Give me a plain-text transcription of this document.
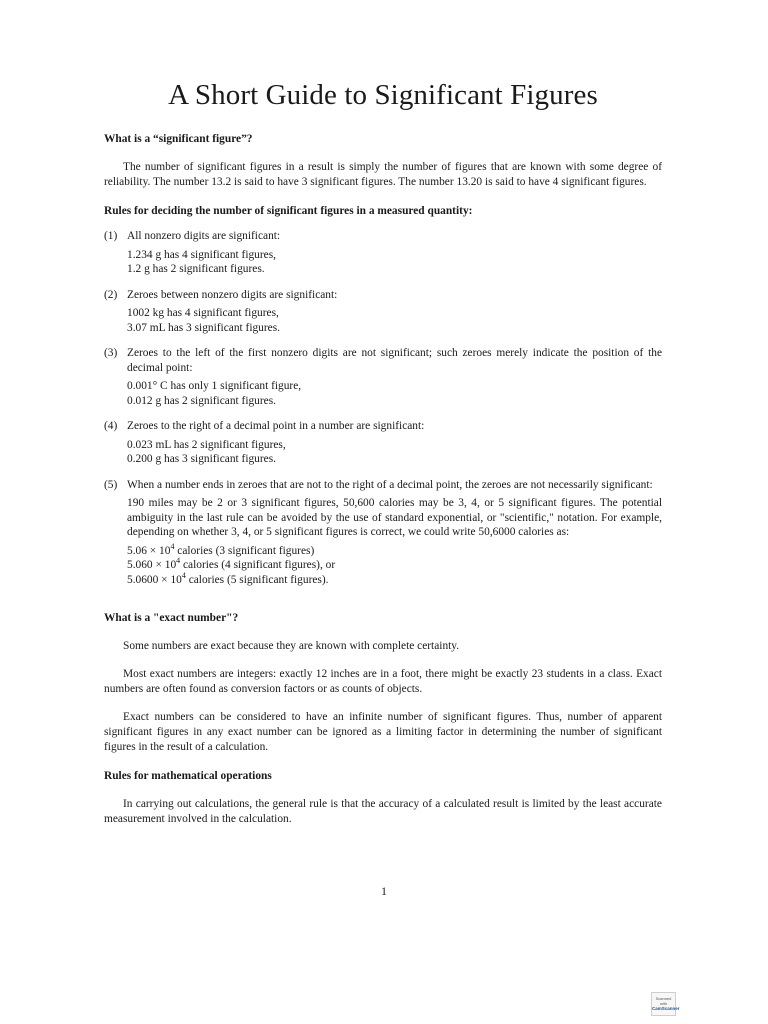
A Short Guide to Significant Figures
What is a “significant figure”?
The number of significant figures in a result is simply the number of figures that are known with some degree of reliability. The number 13.2 is said to have 3 significant figures. The number 13.20 is said to have 4 significant figures.
Rules for deciding the number of significant figures in a measured quantity:
(1) All nonzero digits are significant:
1.234 g has 4 significant figures,
1.2 g has 2 significant figures.
(2) Zeroes between nonzero digits are significant:
1002 kg has 4 significant figures,
3.07 mL has 3 significant figures.
(3) Zeroes to the left of the first nonzero digits are not significant; such zeroes merely indicate the position of the decimal point:
0.001° C has only 1 significant figure,
0.012 g has 2 significant figures.
(4) Zeroes to the right of a decimal point in a number are significant:
0.023 mL has 2 significant figures,
0.200 g has 3 significant figures.
(5) When a number ends in zeroes that are not to the right of a decimal point, the zeroes are not necessarily significant:
190 miles may be 2 or 3 significant figures, 50,600 calories may be 3, 4, or 5 significant figures. The potential ambiguity in the last rule can be avoided by the use of standard exponential, or "scientific," notation. For example, depending on whether 3, 4, or 5 significant figures is correct, we could write 50,6000 calories as:
$5.06 \times 10^4$ calories (3 significant figures)
$5.060 \times 10^4$ calories (4 significant figures), or
$5.0600 \times 10^4$ calories (5 significant figures).
What is a "exact number"?
Some numbers are exact because they are known with complete certainty.
Most exact numbers are integers: exactly 12 inches are in a foot, there might be exactly 23 students in a class. Exact numbers are often found as conversion factors or as counts of objects.
Exact numbers can be considered to have an infinite number of significant figures. Thus, number of apparent significant figures in any exact number can be ignored as a limiting factor in determining the number of significant figures in the result of a calculation.
Rules for mathematical operations
In carrying out calculations, the general rule is that the accuracy of a calculated result is limited by the least accurate measurement involved in the calculation.
1
Scanned with
CamScanner
